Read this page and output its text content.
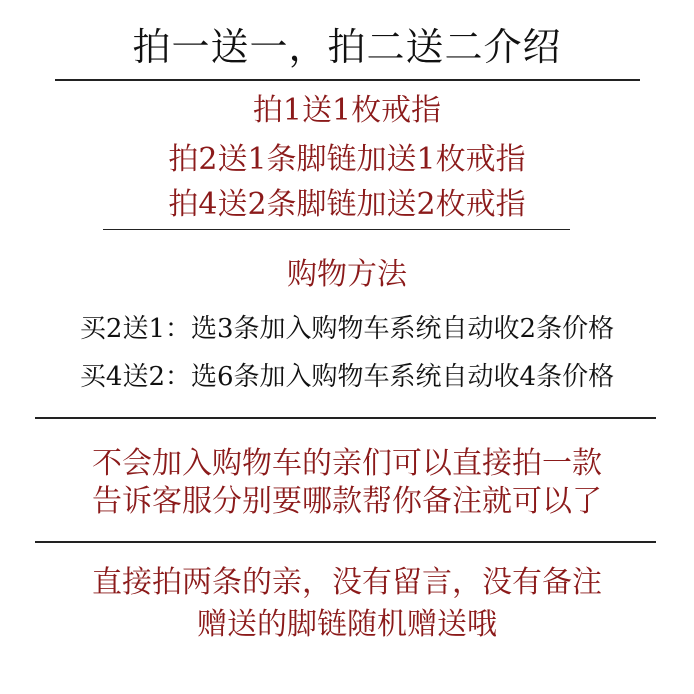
拍一送一，拍二送二介绍
拍1送1枚戒指
拍2送1条脚链加送1枚戒指
拍4送2条脚链加送2枚戒指
购物方法
买2送1：选3条加入购物车系统自动收2条价格
买4送2：选6条加入购物车系统自动收4条价格
不会加入购物车的亲们可以直接拍一款
告诉客服分别要哪款帮你备注就可以了
直接拍两条的亲，没有留言，没有备注
赠送的脚链随机赠送哦
